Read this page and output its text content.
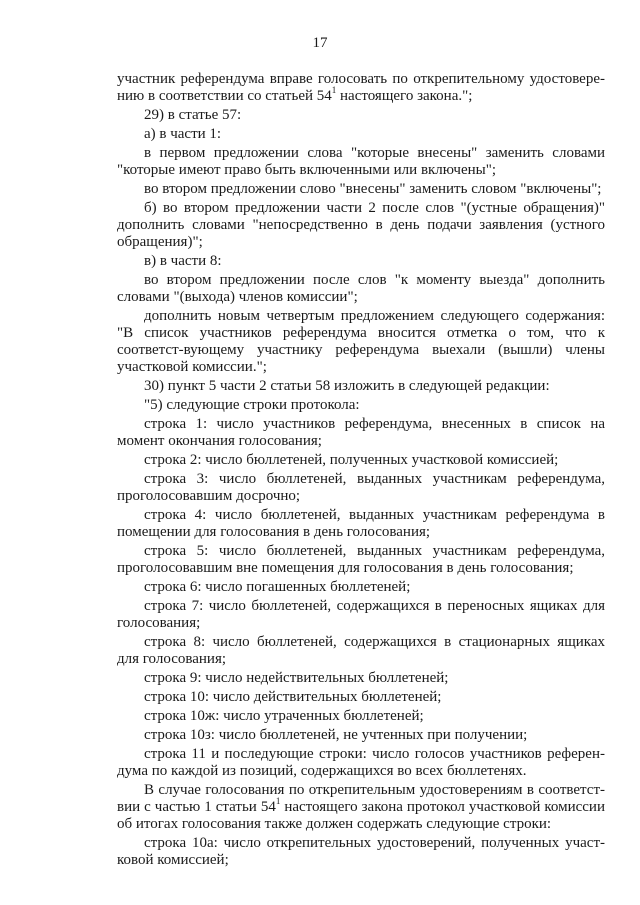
17

участник референдума вправе голосовать по открепительному удостовере-нию в соответствии со статьей $54^1$ настоящего закона.";

29) в статье 57:

а) в части 1:

в первом предложении слова "которые внесены" заменить словами "которые имеют право быть включенными или включены";

во втором предложении слово "внесены" заменить словом "включены";

б) во втором предложении части 2 после слов "(устные обращения)" дополнить словами "непосредственно в день подачи заявления (устного обращения)";

в) в части 8:

во втором предложении после слов "к моменту выезда" дополнить словами "(выхода) членов комиссии";

дополнить новым четвертым предложением следующего содержания: "В список участников референдума вносится отметка о том, что к соответст-вующему участнику референдума выехали (вышли) члены участковой комиссии.";

30) пункт 5 части 2 статьи 58 изложить в следующей редакции:

"5) следующие строки протокола:

строка 1: число участников референдума, внесенных в список на момент окончания голосования;

строка 2: число бюллетеней, полученных участковой комиссией;

строка 3: число бюллетеней, выданных участникам референдума, проголосовавшим досрочно;

строка 4: число бюллетеней, выданных участникам референдума в помещении для голосования в день голосования;

строка 5: число бюллетеней, выданных участникам референдума, проголосовавшим вне помещения для голосования в день голосования;

строка 6: число погашенных бюллетеней;

строка 7: число бюллетеней, содержащихся в переносных ящиках для голосования;

строка 8: число бюллетеней, содержащихся в стационарных ящиках для голосования;

строка 9: число недействительных бюллетеней;

строка 10: число действительных бюллетеней;

строка 10ж: число утраченных бюллетеней;

строка 10з: число бюллетеней, не учтенных при получении;

строка 11 и последующие строки: число голосов участников референ-дума по каждой из позиций, содержащихся во всех бюллетенях.

В случае голосования по открепительным удостоверениям в соответст-вии с частью 1 статьи $54^1$ настоящего закона протокол участковой комиссии об итогах голосования также должен содержать следующие строки:

строка 10а: число открепительных удостоверений, полученных участ-ковой комиссией;
